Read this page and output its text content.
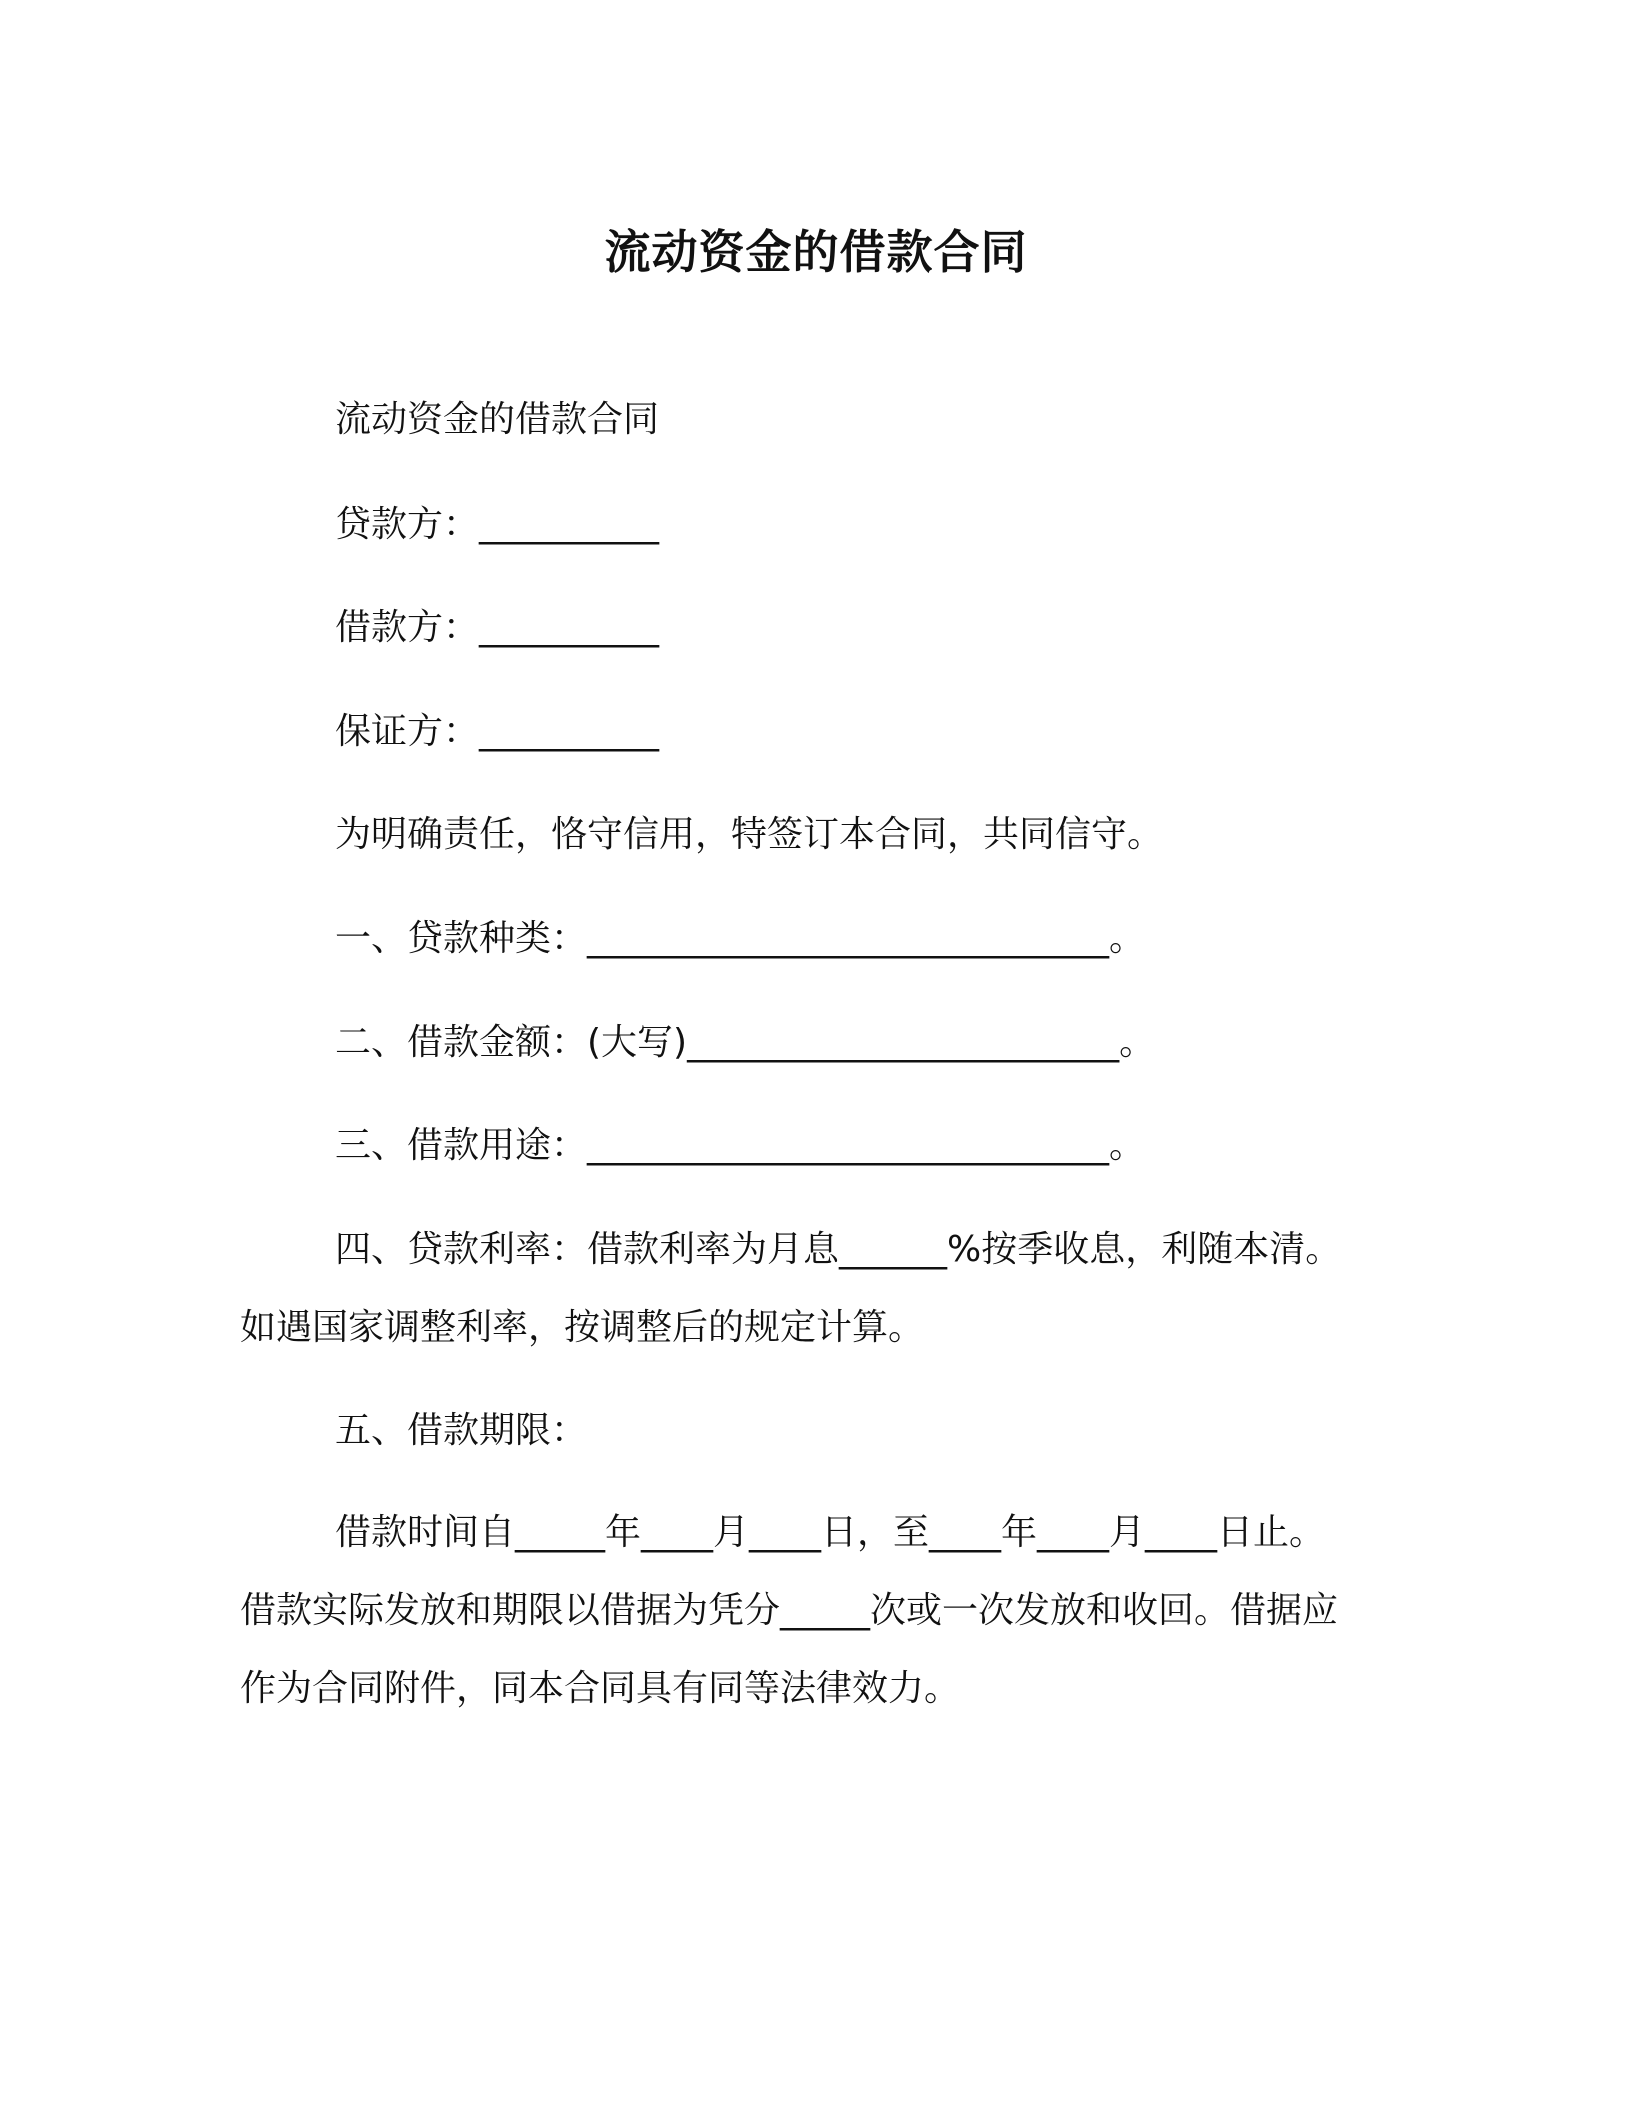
流动资金的借款合同
流动资金的借款合同
贷款方：__________
借款方：__________
保证方：__________
为明确责任，恪守信用，特签订本合同，共同信守。
一、贷款种类：_____________________________。
二、借款金额：(大写)________________________。
三、借款用途：_____________________________。
四、贷款利率：借款利率为月息______%按季收息，利随本清。
如遇国家调整利率，按调整后的规定计算。
五、借款期限：
借款时间自_____年____月____日，至____年____月____日止。
借款实际发放和期限以借据为凭分_____次或一次发放和收回。借据应
作为合同附件，同本合同具有同等法律效力。
